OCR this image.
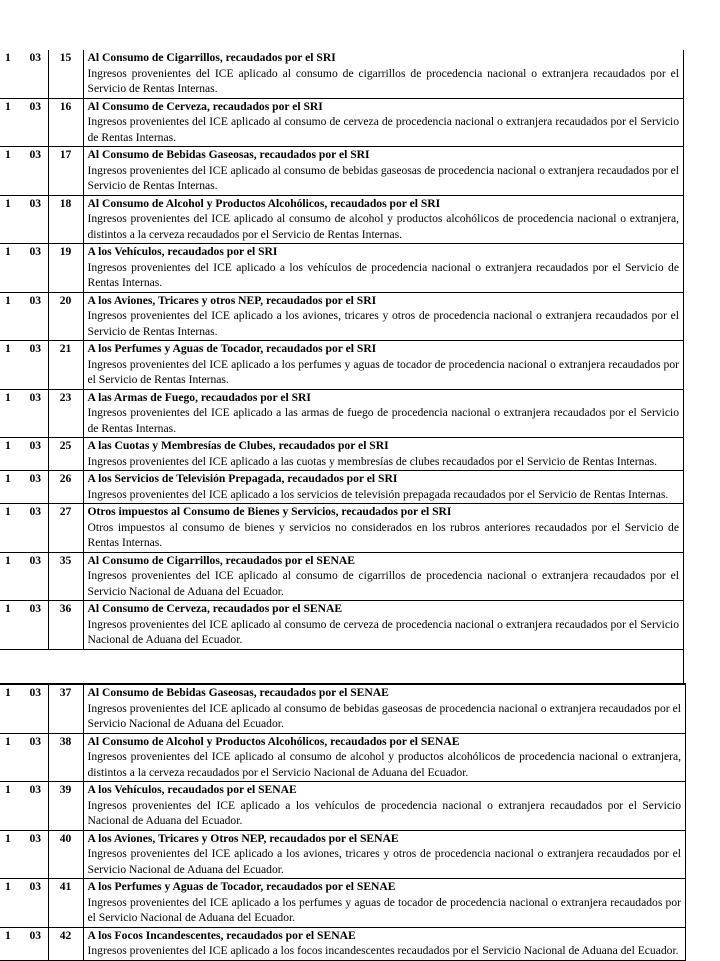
1	03	15	Al Consumo de Cigarrillos, recaudados por el SRI
Ingresos provenientes del ICE aplicado al consumo de cigarrillos de procedencia nacional o extranjera recaudados por el Servicio de Rentas Internas.

1	03	16	Al Consumo de Cerveza, recaudados por el SRI
Ingresos provenientes del ICE aplicado al consumo de cerveza de procedencia nacional o extranjera recaudados por el Servicio de Rentas Internas.

1	03	17	Al Consumo de Bebidas Gaseosas, recaudados por el SRI
Ingresos provenientes del ICE aplicado al consumo de bebidas gaseosas de procedencia nacional o extranjera recaudados por el Servicio de Rentas Internas.

1	03	18	Al Consumo de Alcohol y Productos Alcohólicos, recaudados por el SRI
Ingresos provenientes del ICE aplicado al consumo de alcohol y productos alcohólicos de procedencia nacional o extranjera, distintos a la cerveza recaudados por el Servicio de Rentas Internas.

1	03	19	A los Vehículos, recaudados por el SRI
Ingresos provenientes del ICE aplicado a los vehículos de procedencia nacional o extranjera recaudados por el Servicio de Rentas Internas.

1	03	20	A los Aviones, Tricares y otros NEP, recaudados por el SRI
Ingresos provenientes del ICE aplicado a los aviones, tricares y otros de procedencia nacional o extranjera recaudados por el Servicio de Rentas Internas.

1	03	21	A los Perfumes y Aguas de Tocador, recaudados por el SRI
Ingresos provenientes del ICE aplicado a los perfumes y aguas de tocador de procedencia nacional o extranjera recaudados por el Servicio de Rentas Internas.

1	03	23	A las Armas de Fuego, recaudados por el SRI
Ingresos provenientes del ICE aplicado a las armas de fuego de procedencia nacional o extranjera recaudados por el Servicio de Rentas Internas.

1	03	25	A las Cuotas y Membresías de Clubes, recaudados por el SRI
Ingresos provenientes del ICE aplicado a las cuotas y membresías de clubes recaudados por el Servicio de Rentas Internas.

1	03	26	A los Servicios de Televisión Prepagada, recaudados por el SRI
Ingresos provenientes del ICE aplicado a los servicios de televisión prepagada recaudados por el Servicio de Rentas Internas.

1	03	27	Otros impuestos al Consumo de Bienes y Servicios, recaudados por el SRI
Otros impuestos al consumo de bienes y servicios no considerados en los rubros anteriores recaudados por el Servicio de Rentas Internas.

1	03	35	Al Consumo de Cigarrillos, recaudados por el SENAE
Ingresos provenientes del ICE aplicado al consumo de cigarrillos de procedencia nacional o extranjera recaudados por el Servicio Nacional de Aduana del Ecuador.

1	03	36	Al Consumo de Cerveza, recaudados por el SENAE
Ingresos provenientes del ICE aplicado al consumo de cerveza de procedencia nacional o extranjera recaudados por el Servicio Nacional de Aduana del Ecuador.
1	03	37	Al Consumo de Bebidas Gaseosas, recaudados por el SENAE
Ingresos provenientes del ICE aplicado al consumo de bebidas gaseosas de procedencia nacional o extranjera recaudados por el Servicio Nacional de Aduana del Ecuador.

1	03	38	Al Consumo de Alcohol y Productos Alcohólicos, recaudados por el SENAE
Ingresos provenientes del ICE aplicado al consumo de alcohol y productos alcohólicos de procedencia nacional o extranjera, distintos a la cerveza recaudados por el Servicio Nacional de Aduana del Ecuador.

1	03	39	A los Vehículos, recaudados por el SENAE
Ingresos provenientes del ICE aplicado a los vehículos de procedencia nacional o extranjera recaudados por el Servicio Nacional de Aduana del Ecuador.

1	03	40	A los Aviones, Tricares y Otros NEP, recaudados por el SENAE
Ingresos provenientes del ICE aplicado a los aviones, tricares y otros de procedencia nacional o extranjera recaudados por el Servicio Nacional de Aduana del Ecuador.

1	03	41	A los Perfumes y Aguas de Tocador, recaudados por el SENAE
Ingresos provenientes del ICE aplicado a los perfumes y aguas de tocador de procedencia nacional o extranjera recaudados por el Servicio Nacional de Aduana del Ecuador.

1	03	42	A los Focos Incandescentes, recaudados por el SENAE
Ingresos provenientes del ICE aplicado a los focos incandescentes recaudados por el Servicio Nacional de Aduana del Ecuador.
